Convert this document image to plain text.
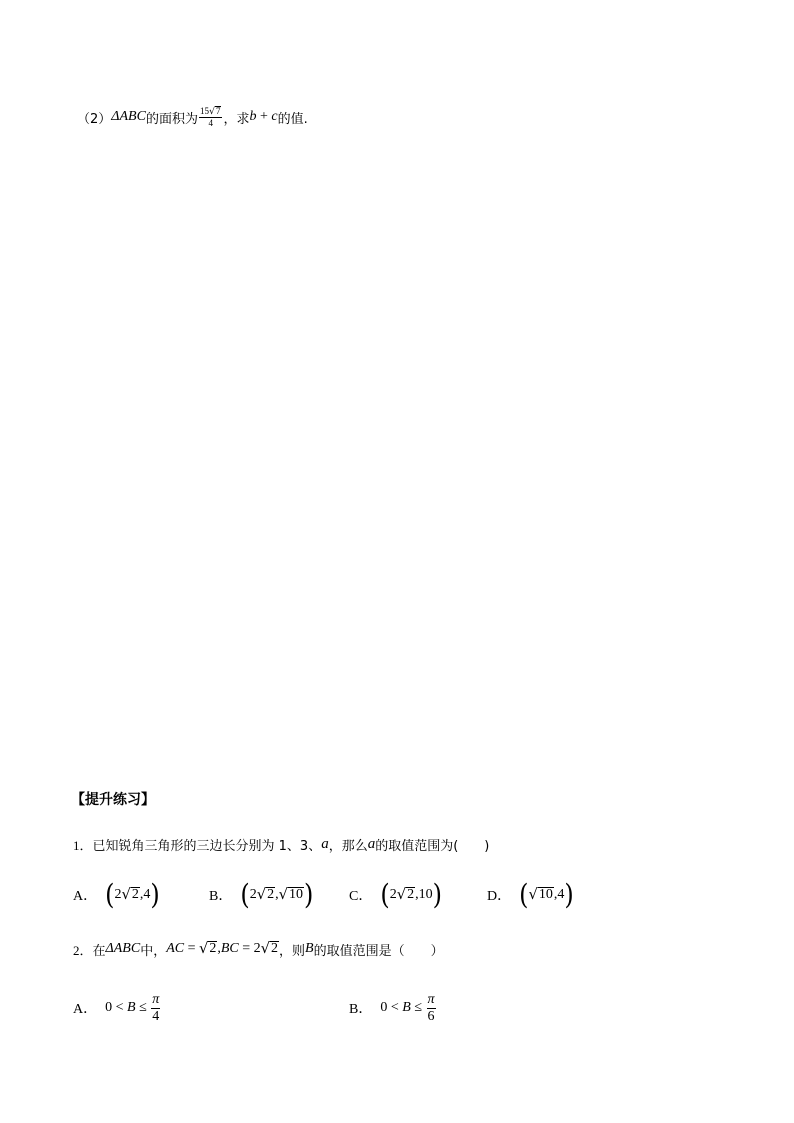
（2） ΔABC 的面积为 $\frac{15 √ 7}{4}$ ，求 b + c 的值.
【提升练习】
1． 已知锐角三角形的三边长分别为 1、3、 a ，那么 a 的取值范围为(　　)
A． ( 2 √ 2 , 4 )	B． ( 2 √ 2 , √ 10 )	C． ( 2 √ 2 , 10 )	D． ( √ 10 , 4 )
2． 在 ΔABC 中， AC = √ 2 , BC = 2 √ 2 ，则 B 的取值范围是（　　）
A． $0 < B \le \frac{\pi}{4}$	B． $0 < B \le \frac{\pi}{6}$
